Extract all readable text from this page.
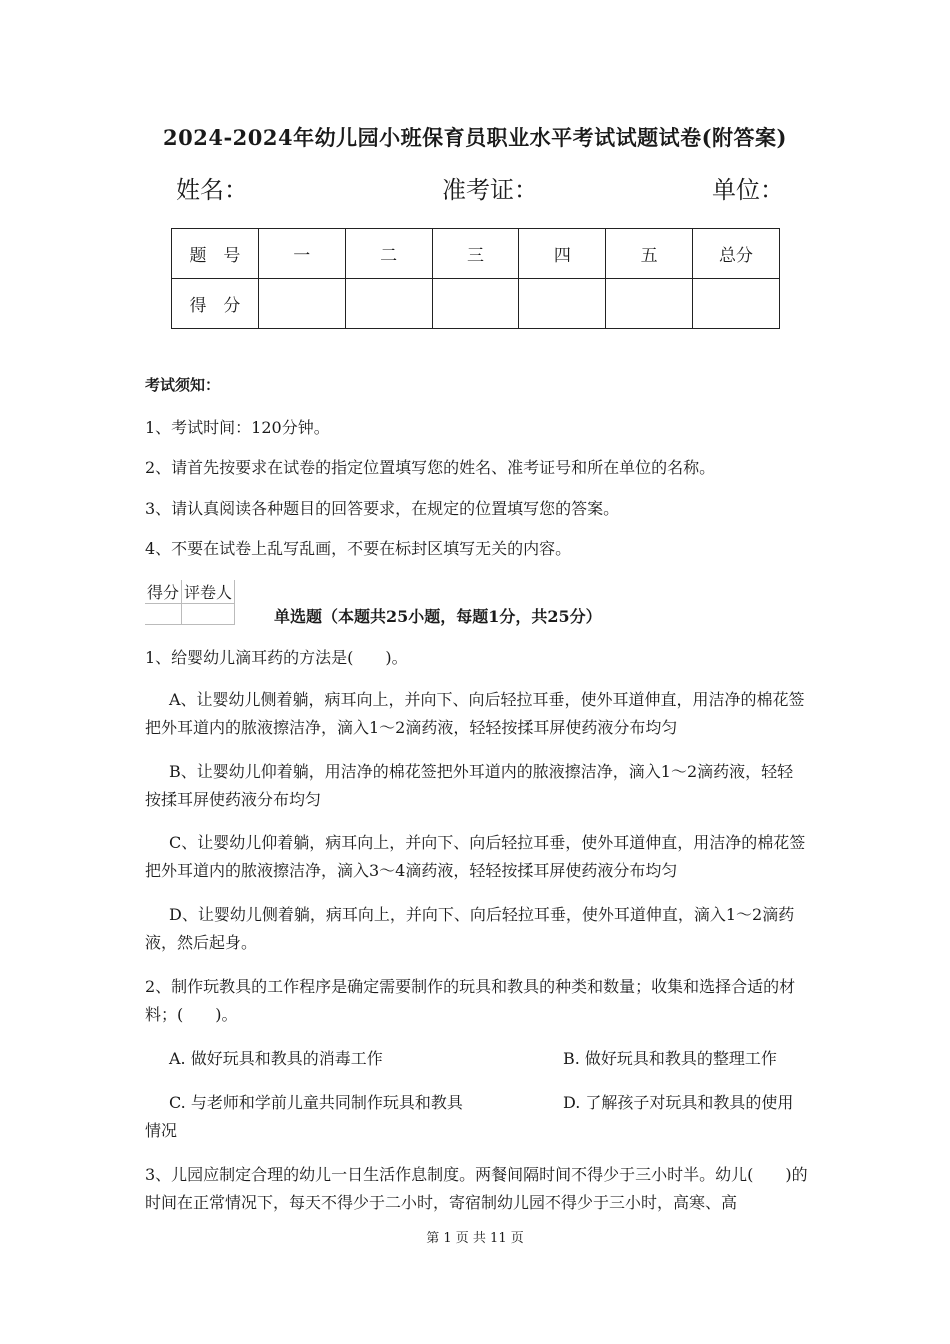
2024-2024年幼儿园小班保育员职业水平考试试题试卷(附答案)
姓名：	准考证：	单位：
题　号	一	二	三	四	五	总分
得　分						
考试须知：
1、考试时间：120分钟。
2、请首先按要求在试卷的指定位置填写您的姓名、准考证号和所在单位的名称。
3、请认真阅读各种题目的回答要求，在规定的位置填写您的答案。
4、不要在试卷上乱写乱画，不要在标封区填写无关的内容。
得分	评卷人

单选题（本题共25小题，每题1分，共25分）
1、给婴幼儿滴耳药的方法是(　　)。
A、让婴幼儿侧着躺，病耳向上，并向下、向后轻拉耳垂，使外耳道伸直，用洁净的棉花签把外耳道内的脓液擦洁净，滴入1～2滴药液，轻轻按揉耳屏使药液分布均匀
B、让婴幼儿仰着躺，用洁净的棉花签把外耳道内的脓液擦洁净，滴入1～2滴药液，轻轻按揉耳屏使药液分布均匀
C、让婴幼儿仰着躺，病耳向上，并向下、向后轻拉耳垂，使外耳道伸直，用洁净的棉花签把外耳道内的脓液擦洁净，滴入3～4滴药液，轻轻按揉耳屏使药液分布均匀
D、让婴幼儿侧着躺，病耳向上，并向下、向后轻拉耳垂，使外耳道伸直，滴入1～2滴药液，然后起身。
2、制作玩教具的工作程序是确定需要制作的玩具和教具的种类和数量；收集和选择合适的材料；(　　)。
A. 做好玩具和教具的消毒工作	B. 做好玩具和教具的整理工作
C. 与老师和学前儿童共同制作玩具和教具	D. 了解孩子对玩具和教具的使用
情况
3、儿园应制定合理的幼儿一日生活作息制度。两餐间隔时间不得少于三小时半。幼儿(　　)的时间在正常情况下，每天不得少于二小时，寄宿制幼儿园不得少于三小时，高寒、高
第 1 页 共 11 页
